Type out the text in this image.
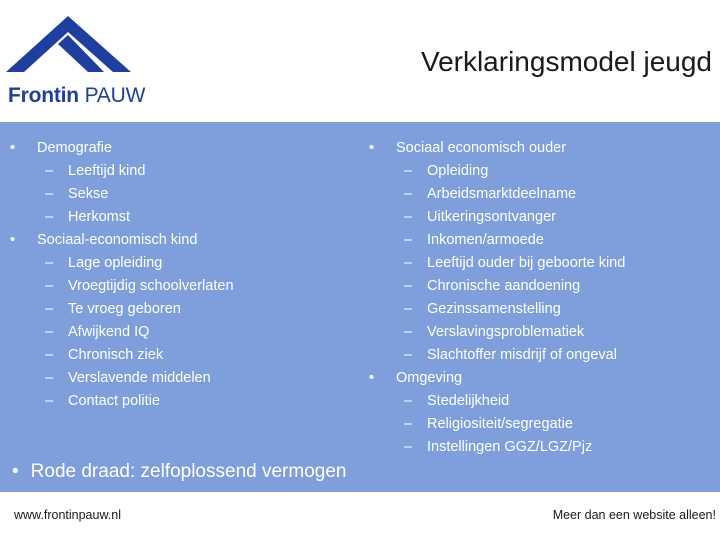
Frontin PAUW
Verklaringsmodel jeugd
• Demografie
– Leeftijd kind
– Sekse
– Herkomst
• Sociaal-economisch kind
– Lage opleiding
– Vroegtijdig schoolverlaten
– Te vroeg geboren
– Afwijkend IQ
– Chronisch ziek
– Verslavende middelen
– Contact politie
• Sociaal economisch ouder
– Opleiding
– Arbeidsmarktdeelname
– Uitkeringsontvanger
– Inkomen/armoede
– Leeftijd ouder bij geboorte kind
– Chronische aandoening
– Gezinssamenstelling
– Verslavingsproblematiek
– Slachtoffer misdrijf of ongeval
• Omgeving
– Stedelijkheid
– Religiositeit/segregatie
– Instellingen GGZ/LGZ/Pjz
• Rode draad: zelfoplossend vermogen
www.frontinpauw.nl	Meer dan een website alleen!
